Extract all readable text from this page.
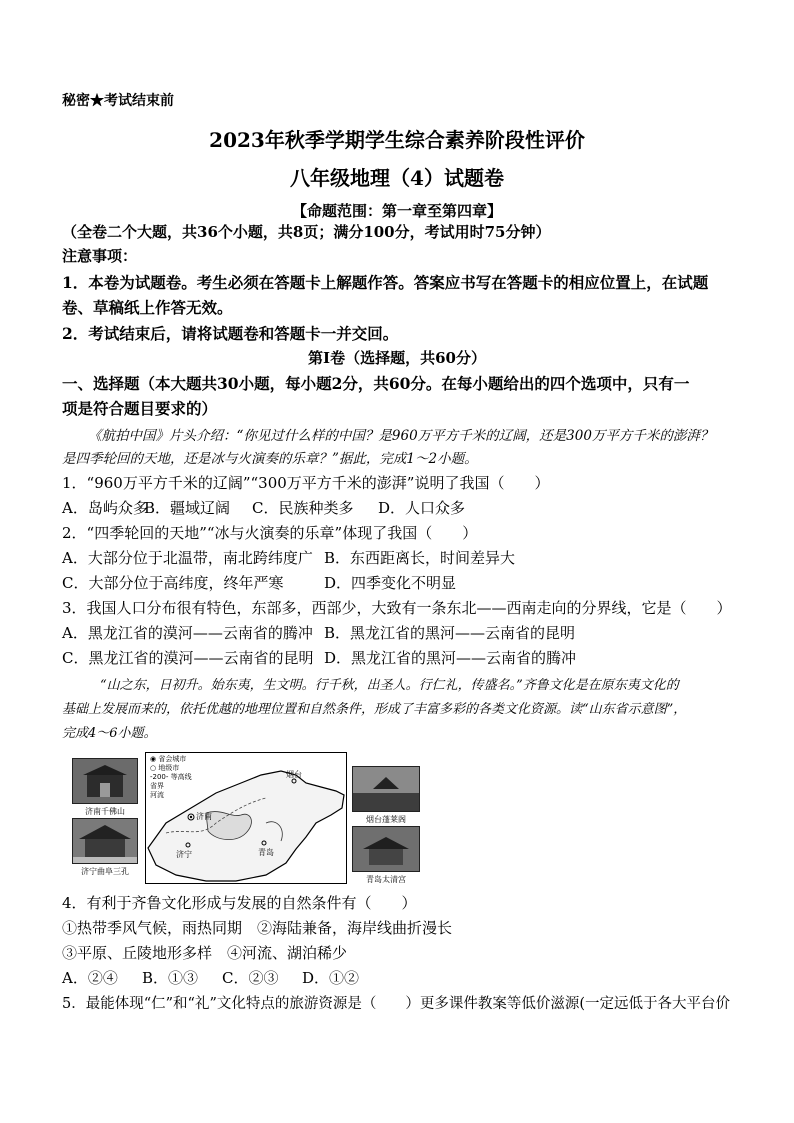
秘密★考试结束前
2023年秋季学期学生综合素养阶段性评价
八年级地理（4）试题卷
【命题范围：第一章至第四章】
（全卷二个大题，共36个小题，共8页；满分100分，考试用时75分钟）
注意事项：
1．本卷为试题卷。考生必须在答题卡上解题作答。答案应书写在答题卡的相应位置上，在试题
卷、草稿纸上作答无效。
2．考试结束后，请将试题卷和答题卡一并交回。
第Ⅰ卷（选择题，共60分）
一、选择题（本大题共30小题，每小题2分，共60分。在每小题给出的四个选项中，只有一
项是符合题目要求的）
《航拍中国》片头介绍：“你见过什么样的中国？是960万平方千米的辽阔，还是300万平方千米的澎湃？
是四季轮回的天地，还是冰与火演奏的乐章？”据此，完成1～2小题。
1．“960万平方千米的辽阔”“300万平方千米的澎湃”说明了我国（　　）
A．岛屿众多
B．疆域辽阔 C．民族种类多 D．人口众多
2．“四季轮回的天地”“冰与火演奏的乐章”体现了我国（　　）
A．大部分位于北温带，南北跨纬度广 B．东西距离长，时间差异大
C．大部分位于高纬度，终年严寒	D．四季变化不明显
3．我国人口分布很有特色，东部多，西部少，大致有一条东北——西南走向的分界线，它是（　　）
A．黑龙江省的漠河——云南省的腾冲 B．黑龙江省的黑河——云南省的昆明
C．黑龙江省的漠河——云南省的昆明 D．黑龙江省的黑河——云南省的腾冲
“山之东，日初升。始东夷，生文明。行千秋，出圣人。行仁礼，传盛名。”齐鲁文化是在原东夷文化的
基础上发展而来的，依托优越的地理位置和自然条件，形成了丰富多彩的各类文化资源。读“山东省示意图”，
完成4～6小题。
济南千佛山
济宁曲阜三孔
◉ 省会城市
○ 地级市
-200- 等高线
省界
河流
烟台
济南
济宁	青岛
烟台蓬莱阁
青岛太清宫
4．有利于齐鲁文化形成与发展的自然条件有（　　）
①热带季风气候，雨热同期　②海陆兼备，海岸线曲折漫长
③平原、丘陵地形多样　④河流、湖泊稀少
A．②④ B．①③ C．②③ D．①②
5．最能体现“仁”和“礼”文化特点的旅游资源是（　　）更多课件教案等低价滋源(一定远低于各大平台价
